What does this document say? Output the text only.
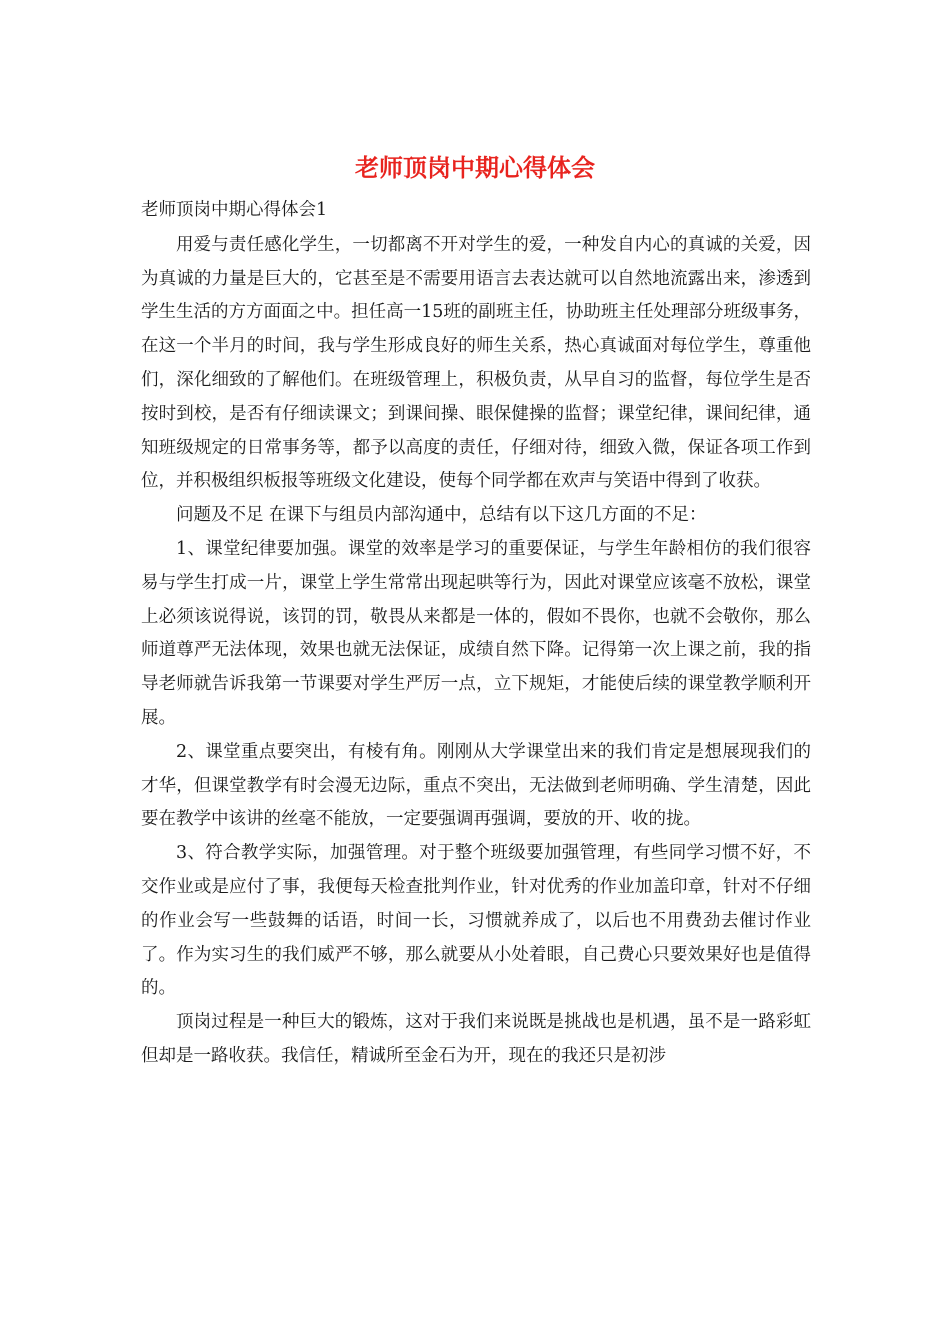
老师顶岗中期心得体会

老师顶岗中期心得体会1

用爱与责任感化学生，一切都离不开对学生的爱，一种发自内心的真诚的关爱，因为真诚的力量是巨大的，它甚至是不需要用语言去表达就可以自然地流露出来，渗透到学生生活的方方面面之中。担任高一15班的副班主任，协助班主任处理部分班级事务，在这一个半月的时间，我与学生形成良好的师生关系，热心真诚面对每位学生，尊重他们，深化细致的了解他们。在班级管理上，积极负责，从早自习的监督，每位学生是否按时到校，是否有仔细读课文；到课间操、眼保健操的监督；课堂纪律，课间纪律，通知班级规定的日常事务等，都予以高度的责任，仔细对待，细致入微，保证各项工作到位，并积极组织板报等班级文化建设，使每个同学都在欢声与笑语中得到了收获。

问题及不足 在课下与组员内部沟通中，总结有以下这几方面的不足：

1、课堂纪律要加强。课堂的效率是学习的重要保证，与学生年龄相仿的我们很容易与学生打成一片，课堂上学生常常出现起哄等行为，因此对课堂应该毫不放松，课堂上必须该说得说，该罚的罚，敬畏从来都是一体的，假如不畏你，也就不会敬你，那么师道尊严无法体现，效果也就无法保证，成绩自然下降。记得第一次上课之前，我的指导老师就告诉我第一节课要对学生严厉一点，立下规矩，才能使后续的课堂教学顺利开展。

2、课堂重点要突出，有棱有角。刚刚从大学课堂出来的我们肯定是想展现我们的才华，但课堂教学有时会漫无边际，重点不突出，无法做到老师明确、学生清楚，因此要在教学中该讲的丝毫不能放，一定要强调再强调，要放的开、收的拢。

3、符合教学实际，加强管理。对于整个班级要加强管理，有些同学习惯不好，不交作业或是应付了事，我便每天检查批判作业，针对优秀的作业加盖印章，针对不仔细的作业会写一些鼓舞的话语，时间一长，习惯就养成了，以后也不用费劲去催讨作业了。作为实习生的我们威严不够，那么就要从小处着眼，自己费心只要效果好也是值得的。

顶岗过程是一种巨大的锻炼，这对于我们来说既是挑战也是机遇，虽不是一路彩虹但却是一路收获。我信任，精诚所至金石为开，现在的我还只是初涉
